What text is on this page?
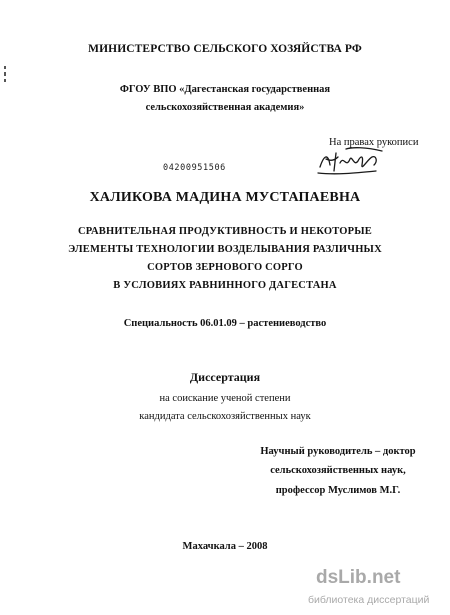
МИНИСТЕРСТВО СЕЛЬСКОГО ХОЗЯЙСТВА РФ
ФГОУ ВПО «Дагестанская государственная
сельскохозяйственная академия»
На правах рукописи
04200951506
ХАЛИКОВА МАДИНА МУСТАПАЕВНА
СРАВНИТЕЛЬНАЯ ПРОДУКТИВНОСТЬ И НЕКОТОРЫЕ
ЭЛЕМЕНТЫ ТЕХНОЛОГИИ ВОЗДЕЛЫВАНИЯ РАЗЛИЧНЫХ
СОРТОВ ЗЕРНОВОГО СОРГО
В УСЛОВИЯХ РАВНИННОГО ДАГЕСТАНА
Специальность 06.01.09 – растениеводство
Диссертация
на соискание ученой степени
кандидата сельскохозяйственных наук
Научный руководитель – доктор
сельскохозяйственных наук,
профессор Муслимов М.Г.
Махачкала – 2008
dsLib.net
библиотека диссертаций
